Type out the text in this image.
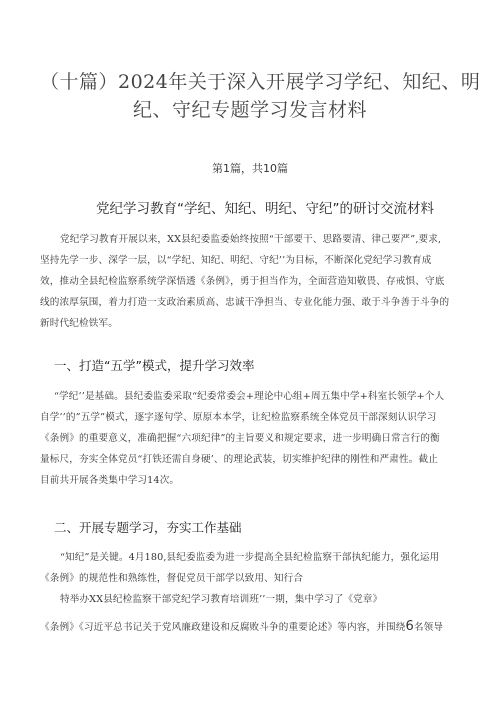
（十篇）2024年关于深入开展学习学纪、知纪、明
纪、守纪专题学习发言材料
第1篇，共10篇
党纪学习教育“学纪、知纪、明纪、守纪”的研讨交流材料
党纪学习教育开展以来，XX县纪委监委始终按照“干部要干、思路要清、律己要严”,要求,
坚持先学一步、深学一层，以“学纪、知纪、明纪、守纪’’为目标，不断深化党纪学习教育成
效，推动全县纪检监察系统学深悟透《条例》，勇于担当作为，全面营造知敬畏、存戒惧、守底
线的浓厚氛围，着力打造一支政治素质高、忠诚干净担当、专业化能力强、敢于斗争善于斗争的
新时代纪检铁军。
一、打造“五学”模式，提升学习效率
“学纪’’是基础。县纪委监委采取“纪委常委会+理论中心组+周五集中学+科室长领学+个人
自学’’的”五学”模式，逐字逐句学、原原本本学，让纪检监察系统全体党员干部深刻认识学习
《条例》的重要意义，准确把握“六项纪律”的主旨要义和规定要求，进一步明确日常言行的衡
量标尺，夯实全体党员“打铁还需自身硬’、的理论武装，切实维护纪律的刚性和严肃性。截止
目前共开展各类集中学习14次。
二、开展专题学习，夯实工作基础
“知纪”是关键。4月180,县纪委监委为进一步提高全县纪检监察干部执纪能力，强化运用
《条例》的规范性和熟练性，督促党员干部学以致用、知行合
特举办XX县纪检监察干部党纪学习教育培训班’’一期，集中学习了《党章》
《条例》《习近平总书记关于党风廉政建设和反腐败斗争的重要论述》等内容，并围绕6名领导
